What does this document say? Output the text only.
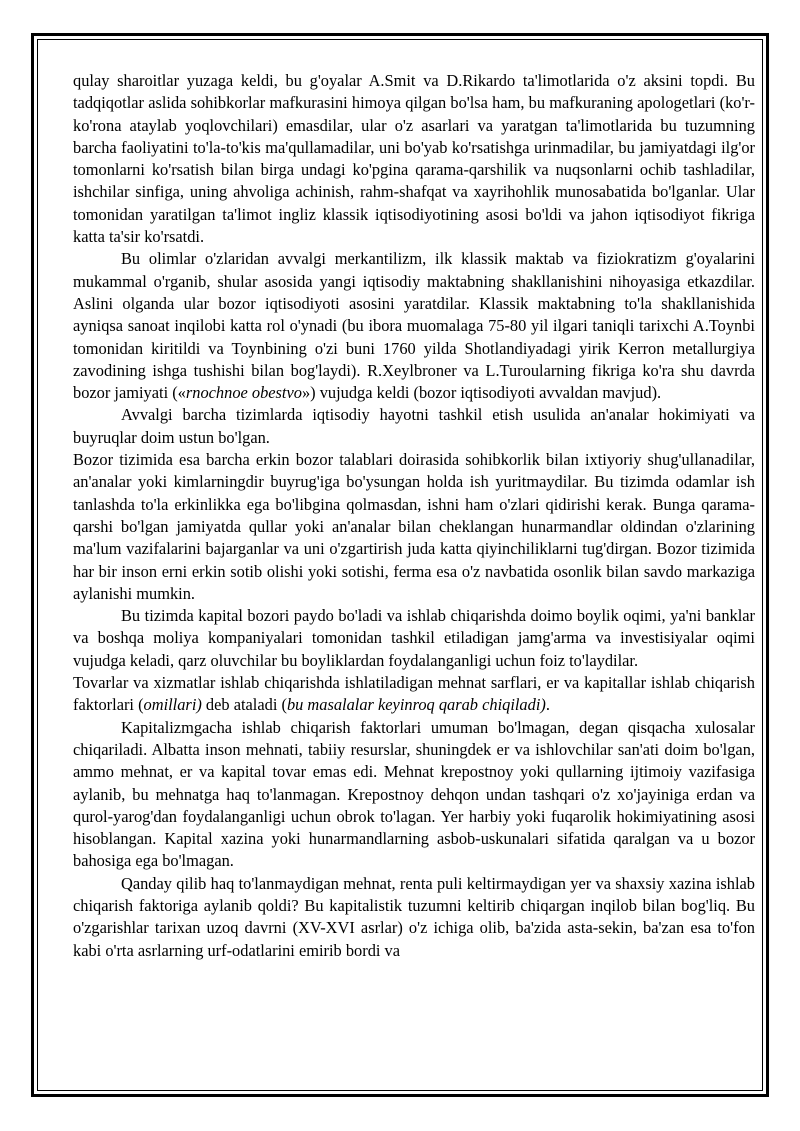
qulay sharoitlar yuzaga keldi, bu g'oyalar A.Smit va D.Rikardo ta'limotlarida o'z aksini topdi. Bu tadqiqotlar aslida sohibkorlar mafkurasini himoya qilgan bo'lsa ham, bu mafkuraning apologetlari (ko'r-ko'rona ataylab yoqlovchilari) emasdilar, ular o'z asarlari va yaratgan ta'limotlarida bu tuzumning barcha faoliyatini to'la-to'kis ma'qullamadilar, uni bo'yab ko'rsatishga urinmadilar, bu jamiyatdagi ilg'or tomonlarni ko'rsatish bilan birga undagi ko'pgina qarama-qarshilik va nuqsonlarni ochib tashladilar, ishchilar sinfiga, uning ahvoliga achinish, rahm-shafqat va xayrihohlik munosabatida bo'lganlar. Ular tomonidan yaratilgan ta'limot ingliz klassik iqtisodiyotining asosi bo'ldi va jahon iqtisodiyot fikriga katta ta'sir ko'rsatdi.

Bu olimlar o'zlaridan avvalgi merkantilizm, ilk klassik maktab va fiziokratizm g'oyalarini mukammal o'rganib, shular asosida yangi iqtisodiy maktabning shakllanishini nihoyasiga etkazdilar. Aslini olganda ular bozor iqtisodiyoti asosini yaratdilar. Klassik maktabning to'la shakllanishida ayniqsa sanoat inqilobi katta rol o'ynadi (bu ibora muomalaga 75-80 yil ilgari taniqli tarixchi A.Toynbi tomonidan kiritildi va Toynbining o'zi buni 1760 yilda Shotlandiyadagi yirik Kerron metallurgiya zavodining ishga tushishi bilan bog'laydi). R.Xeylbroner va L.Turoularning fikriga ko'ra shu davrda bozor jamiyati («rnochnoe obestvo») vujudga keldi (bozor iqtisodiyoti avvaldan mavjud).

Avvalgi barcha tizimlarda iqtisodiy hayotni tashkil etish usulida an'analar hokimiyati va buyruqlar doim ustun bo'lgan.

Bozor tizimida esa barcha erkin bozor talablari doirasida sohibkorlik bilan ixtiyoriy shug'ullanadilar, an'analar yoki kimlarningdir buyrug'iga bo'ysungan holda ish yuritmaydilar. Bu tizimda odamlar ish tanlashda to'la erkinlikka ega bo'libgina qolmasdan, ishni ham o'zlari qidirishi kerak. Bunga qarama-qarshi bo'lgan jamiyatda qullar yoki an'analar bilan cheklangan hunarmandlar oldindan o'zlarining ma'lum vazifalarini bajarganlar va uni o'zgartirish juda katta qiyinchiliklarni tug'dirgan. Bozor tizimida har bir inson erni erkin sotib olishi yoki sotishi, ferma esa o'z navbatida osonlik bilan savdo markaziga aylanishi mumkin.

Bu tizimda kapital bozori paydo bo'ladi va ishlab chiqarishda doimo boylik oqimi, ya'ni banklar va boshqa moliya kompaniyalari tomonidan tashkil etiladigan jamg'arma va investisiyalar oqimi vujudga keladi, qarz oluvchilar bu boyliklardan foydalanganligi uchun foiz to'laydilar.

Tovarlar va xizmatlar ishlab chiqarishda ishlatiladigan mehnat sarflari, er va kapitallar ishlab chiqarish faktorlari (omillari) deb ataladi (bu masalalar keyinroq qarab chiqiladi).

Kapitalizmgacha ishlab chiqarish faktorlari umuman bo'lmagan, degan qisqacha xulosalar chiqariladi. Albatta inson mehnati, tabiiy resurslar, shuningdek er va ishlovchilar san'ati doim bo'lgan, ammo mehnat, er va kapital tovar emas edi. Mehnat krepostnoy yoki qullarning ijtimoiy vazifasiga aylanib, bu mehnatga haq to'lanmagan. Krepostnoy dehqon undan tashqari o'z xo'jayiniga erdan va qurol-yarog'dan foydalanganligi uchun obrok to'lagan. Yer harbiy yoki fuqarolik hokimiyatining asosi hisoblangan. Kapital xazina yoki hunarmandlarning asbob-uskunalari sifatida qaralgan va u bozor bahosiga ega bo'lmagan.

Qanday qilib haq to'lanmaydigan mehnat, renta puli keltirmaydigan yer va shaxsiy xazina ishlab chiqarish faktoriga aylanib qoldi? Bu kapitalistik tuzumni keltirib chiqargan inqilob bilan bog'liq. Bu o'zgarishlar tarixan uzoq davrni (XV-XVI asrlar) o'z ichiga olib, ba'zida asta-sekin, ba'zan esa to'fon kabi o'rta asrlarning urf-odatlarini emirib bordi va
